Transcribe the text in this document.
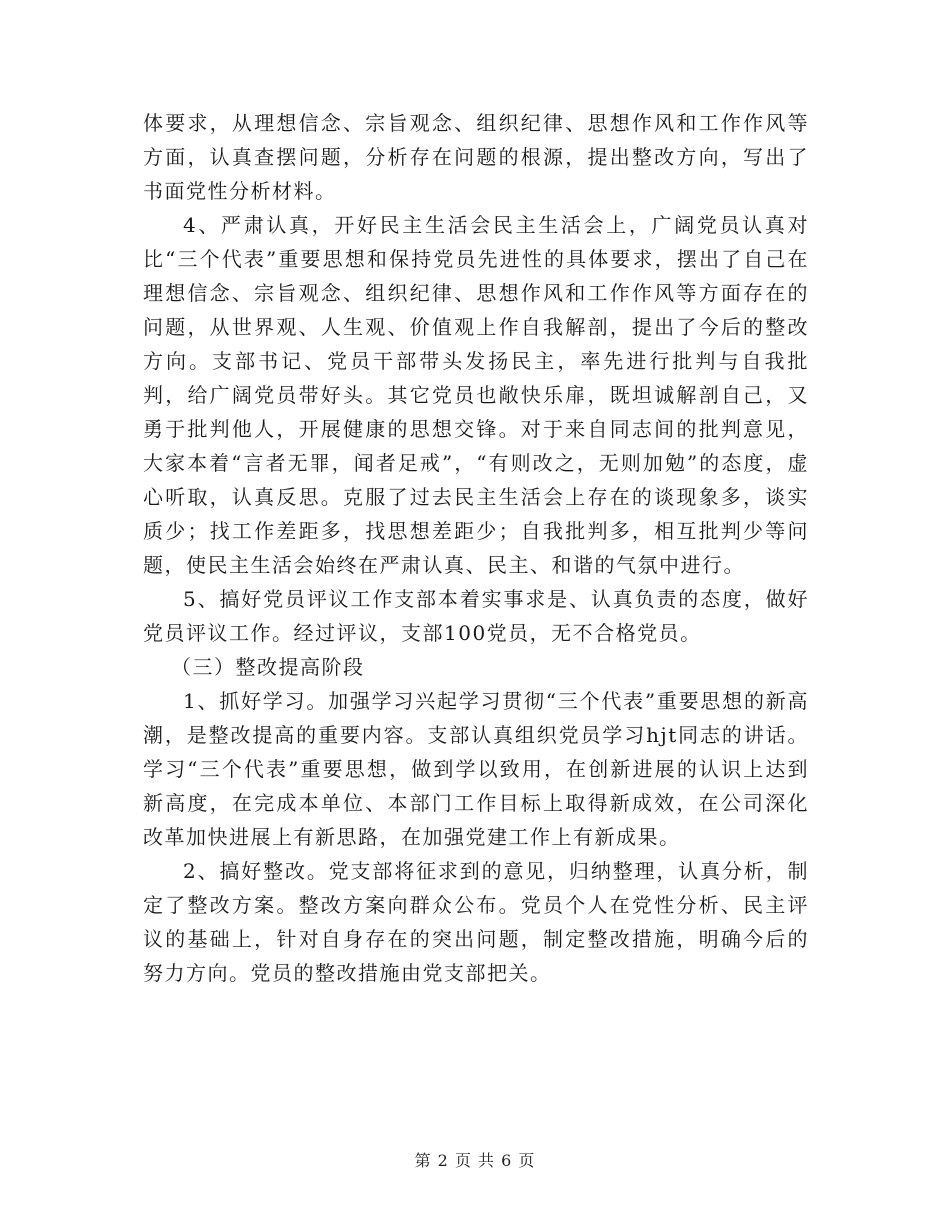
体要求，从理想信念、宗旨观念、组织纪律、思想作风和工作作风等方面，认真查摆问题，分析存在问题的根源，提出整改方向，写出了书面党性分析材料。

4、严肃认真，开好民主生活会民主生活会上，广阔党员认真对比“三个代表”重要思想和保持党员先进性的具体要求，摆出了自己在理想信念、宗旨观念、组织纪律、思想作风和工作作风等方面存在的问题，从世界观、人生观、价值观上作自我解剖，提出了今后的整改方向。支部书记、党员干部带头发扬民主，率先进行批判与自我批判，给广阔党员带好头。其它党员也敞快乐扉，既坦诚解剖自己，又勇于批判他人，开展健康的思想交锋。对于来自同志间的批判意见，大家本着“言者无罪，闻者足戒”，“有则改之，无则加勉”的态度，虚心听取，认真反思。克服了过去民主生活会上存在的谈现象多，谈实质少；找工作差距多，找思想差距少；自我批判多，相互批判少等问题，使民主生活会始终在严肃认真、民主、和谐的气氛中进行。

5、搞好党员评议工作支部本着实事求是、认真负责的态度，做好党员评议工作。经过评议，支部100党员，无不合格党员。

（三）整改提高阶段

1、抓好学习。加强学习兴起学习贯彻“三个代表”重要思想的新高潮，是整改提高的重要内容。支部认真组织党员学习hjt同志的讲话。学习“三个代表”重要思想，做到学以致用，在创新进展的认识上达到新高度，在完成本单位、本部门工作目标上取得新成效，在公司深化改革加快进展上有新思路，在加强党建工作上有新成果。

2、搞好整改。党支部将征求到的意见，归纳整理，认真分析，制定了整改方案。整改方案向群众公布。党员个人在党性分析、民主评议的基础上，针对自身存在的突出问题，制定整改措施，明确今后的努力方向。党员的整改措施由党支部把关。

第 2 页 共 6 页
